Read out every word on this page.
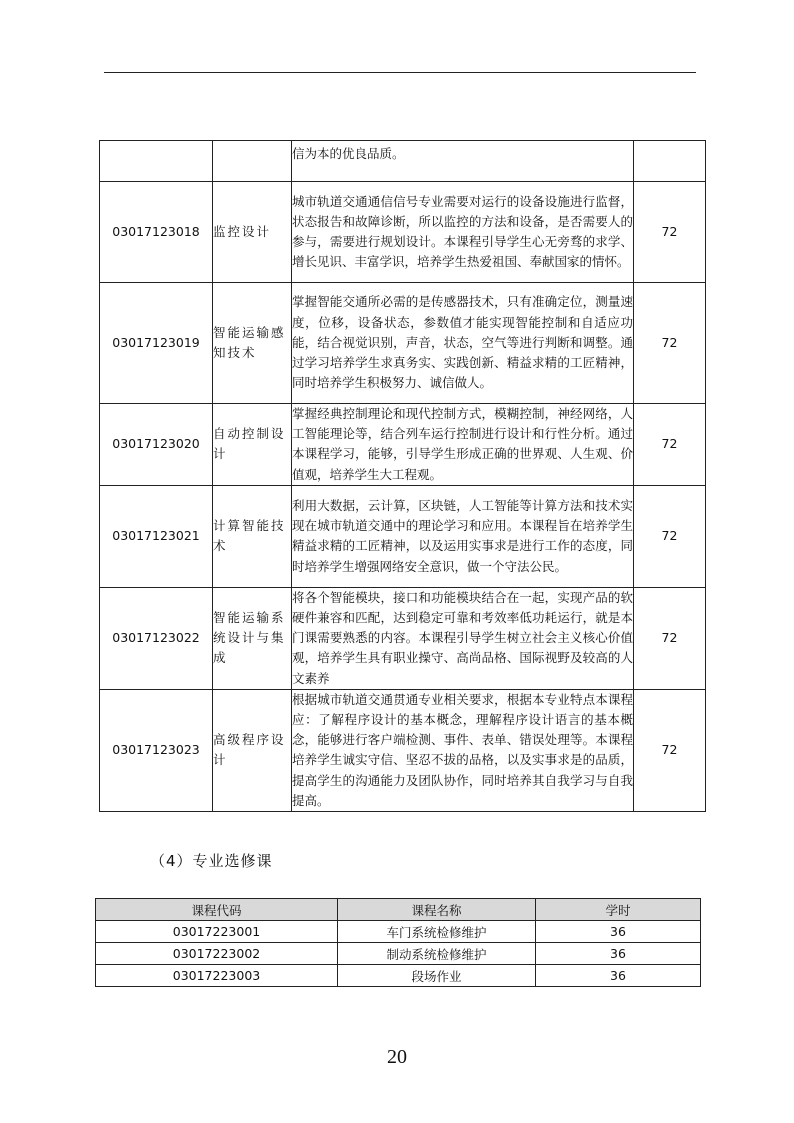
		信为本的优良品质。	
03017123018	监控设计	城市轨道交通通信信号专业需要对运行的设备设施进行监督，状态报告和故障诊断，所以监控的方法和设备，是否需要人的参与，需要进行规划设计。本课程引导学生心无旁骛的求学、增长见识、丰富学识，培养学生热爱祖国、奉献国家的情怀。	72
03017123019	智能运输感知技术	掌握智能交通所必需的是传感器技术，只有准确定位，测量速度，位移，设备状态，参数值才能实现智能控制和自适应功能，结合视觉识别，声音，状态，空气等进行判断和调整。通过学习培养学生求真务实、实践创新、精益求精的工匠精神，同时培养学生积极努力、诚信做人。	72
03017123020	自动控制设计	掌握经典控制理论和现代控制方式，模糊控制，神经网络，人工智能理论等，结合列车运行控制进行设计和行性分析。通过本课程学习，能够，引导学生形成正确的世界观、人生观、价值观，培养学生大工程观。	72
03017123021	计算智能技术	利用大数据，云计算，区块链，人工智能等计算方法和技术实现在城市轨道交通中的理论学习和应用。本课程旨在培养学生精益求精的工匠精神，以及运用实事求是进行工作的态度，同时培养学生增强网络安全意识，做一个守法公民。	72
03017123022	智能运输系统设计与集成	将各个智能模块，接口和功能模块结合在一起，实现产品的软硬件兼容和匹配，达到稳定可靠和考效率低功耗运行，就是本门课需要熟悉的内容。本课程引导学生树立社会主义核心价值观，培养学生具有职业操守、高尚品格、国际视野及较高的人文素养	72
03017123023	高级程序设计	根据城市轨道交通贯通专业相关要求，根据本专业特点本课程应：了解程序设计的基本概念，理解程序设计语言的基本概念，能够进行客户端检测、事件、表单、错误处理等。本课程培养学生诚实守信、坚忍不拔的品格，以及实事求是的品质，提高学生的沟通能力及团队协作，同时培养其自我学习与自我提高。	72
（4）专业选修课
课程代码	课程名称	学时
03017223001	车门系统检修维护	36
03017223002	制动系统检修维护	36
03017223003	段场作业	36
20
